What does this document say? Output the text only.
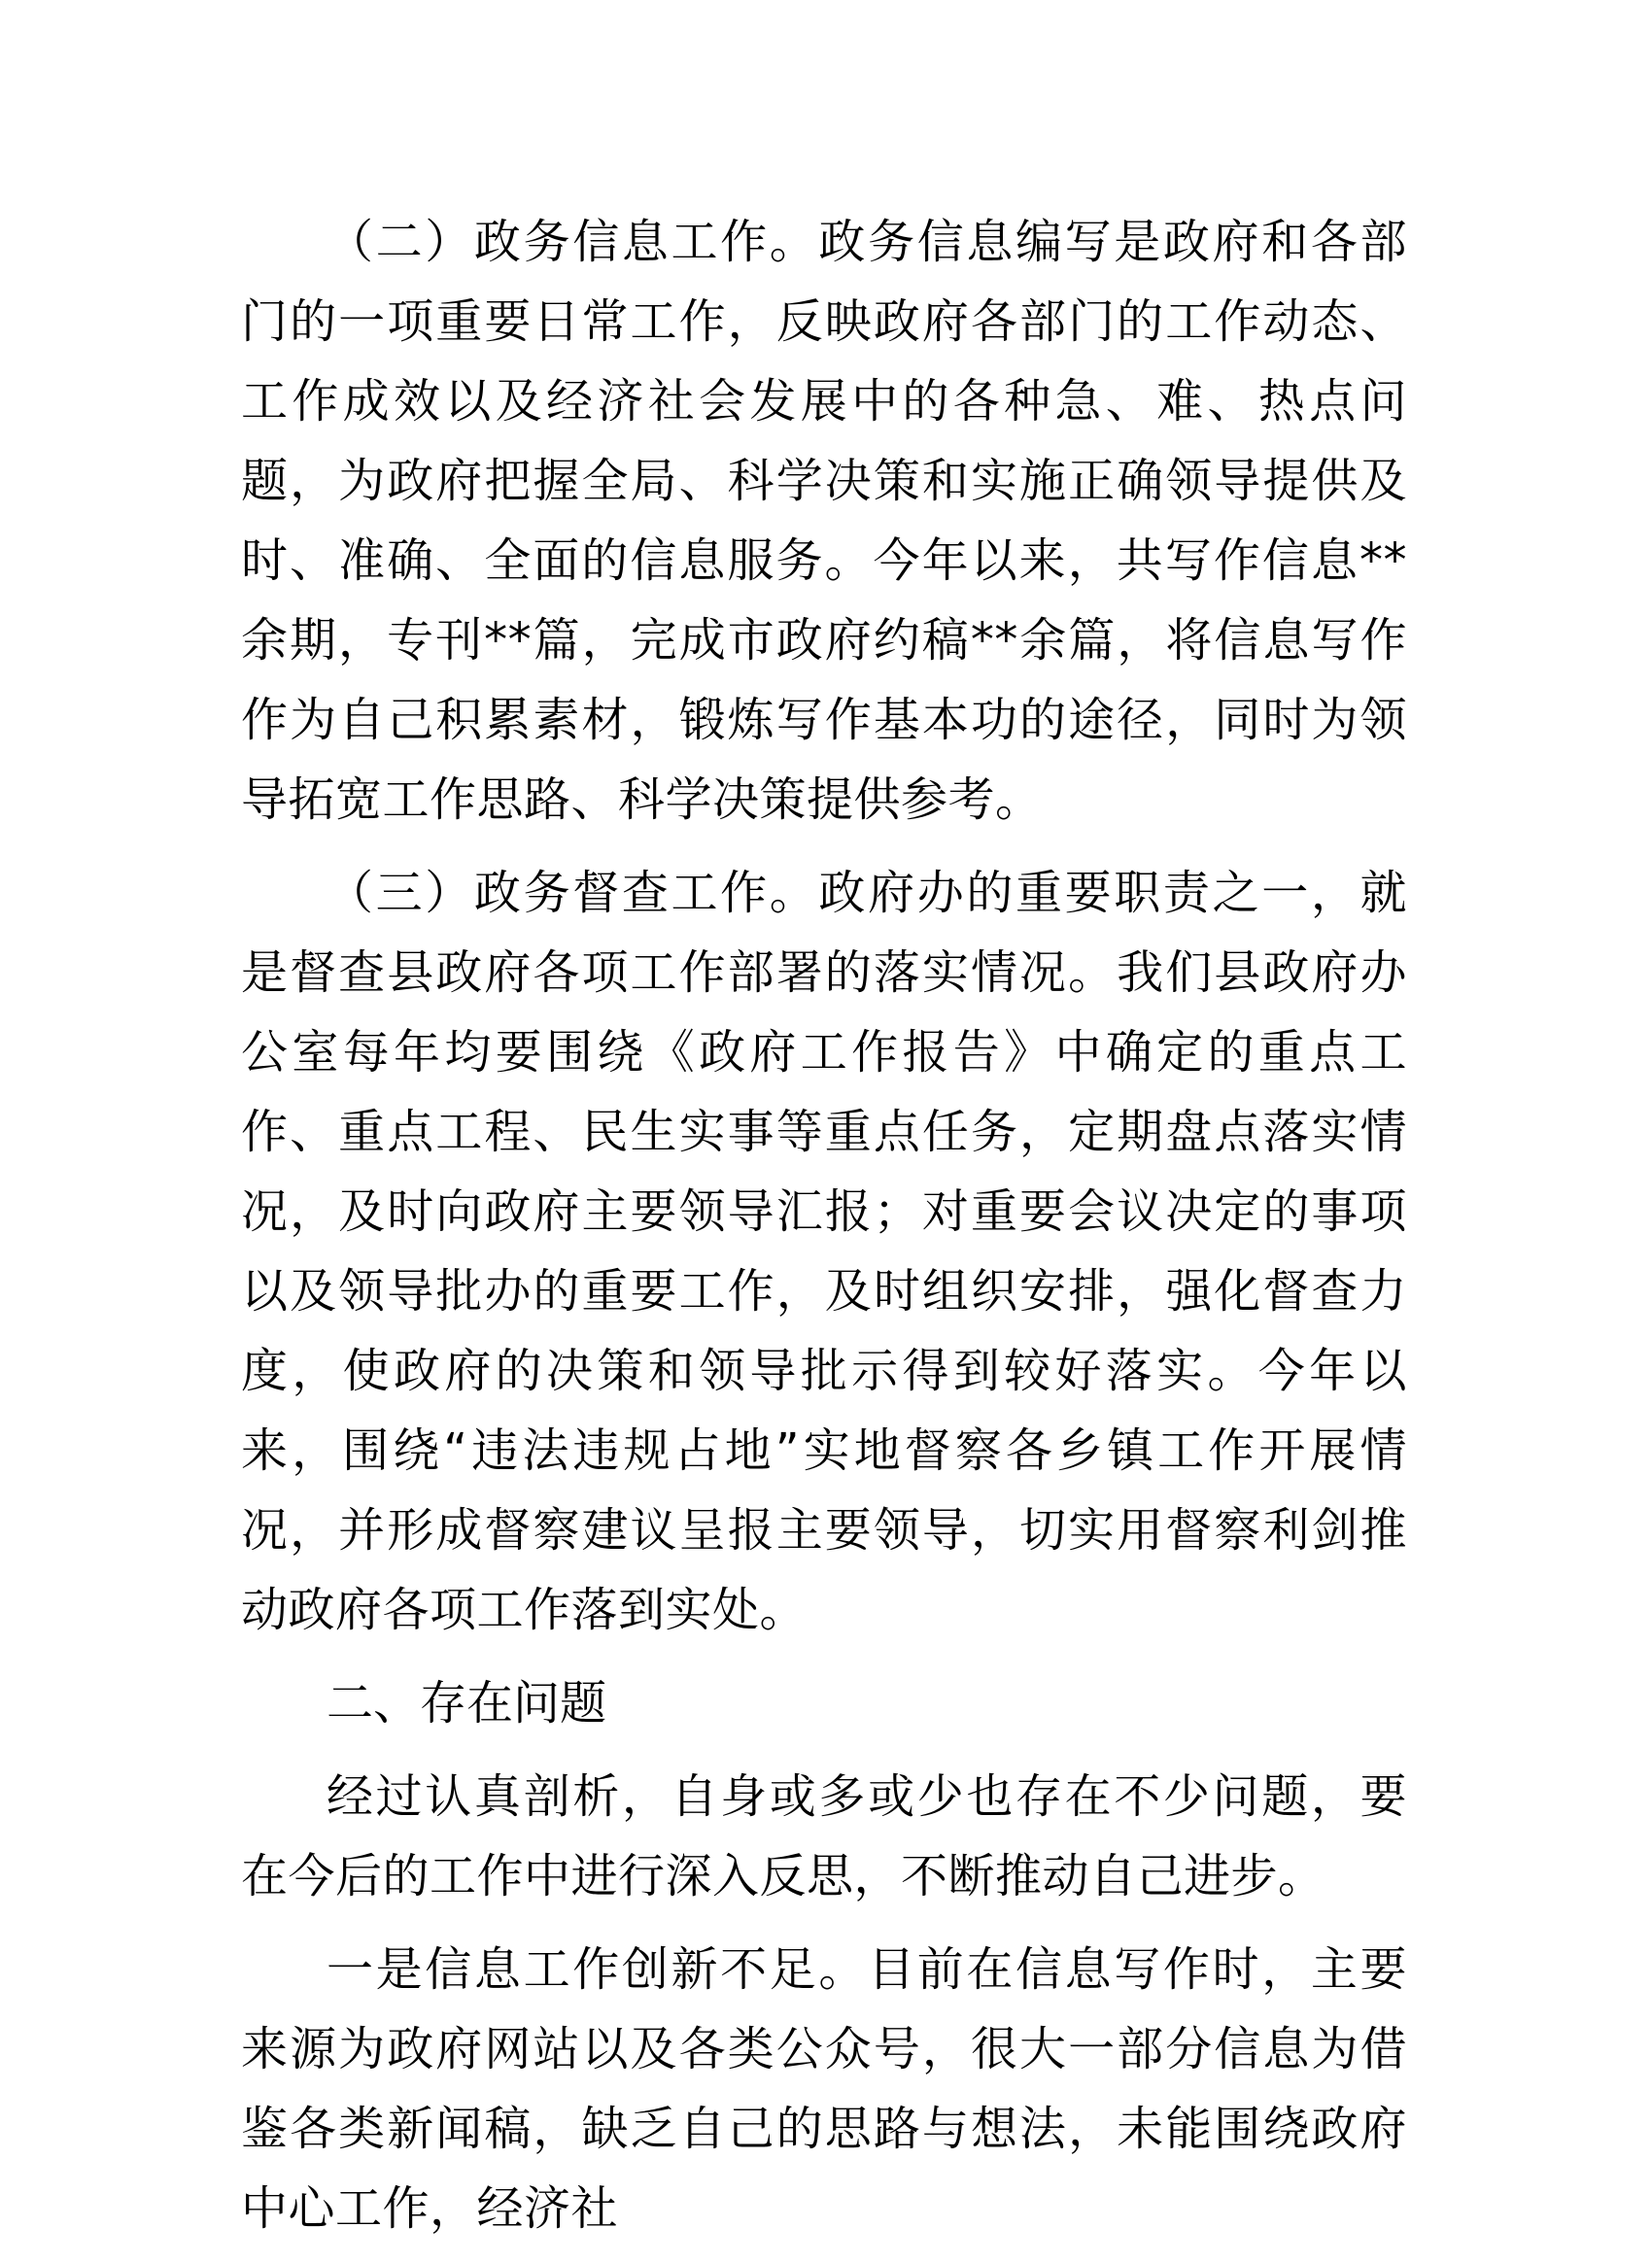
（二）政务信息工作。政务信息编写是政府和各部门的一项重要日常工作，反映政府各部门的工作动态、工作成效以及经济社会发展中的各种急、难、热点问题，为政府把握全局、科学决策和实施正确领导提供及时、准确、全面的信息服务。今年以来，共写作信息**余期，专刊**篇，完成市政府约稿**余篇，将信息写作作为自己积累素材，锻炼写作基本功的途径，同时为领导拓宽工作思路、科学决策提供参考。

（三）政务督查工作。政府办的重要职责之一，就是督查县政府各项工作部署的落实情况。我们县政府办公室每年均要围绕《政府工作报告》中确定的重点工作、重点工程、民生实事等重点任务，定期盘点落实情况，及时向政府主要领导汇报；对重要会议决定的事项以及领导批办的重要工作，及时组织安排，强化督查力度，使政府的决策和领导批示得到较好落实。今年以来，围绕“违法违规占地”实地督察各乡镇工作开展情况，并形成督察建议呈报主要领导，切实用督察利剑推动政府各项工作落到实处。

二、存在问题

经过认真剖析，自身或多或少也存在不少问题，要在今后的工作中进行深入反思，不断推动自己进步。

一是信息工作创新不足。目前在信息写作时，主要来源为政府网站以及各类公众号，很大一部分信息为借鉴各类新闻稿，缺乏自己的思路与想法，未能围绕政府中心工作，经济社
